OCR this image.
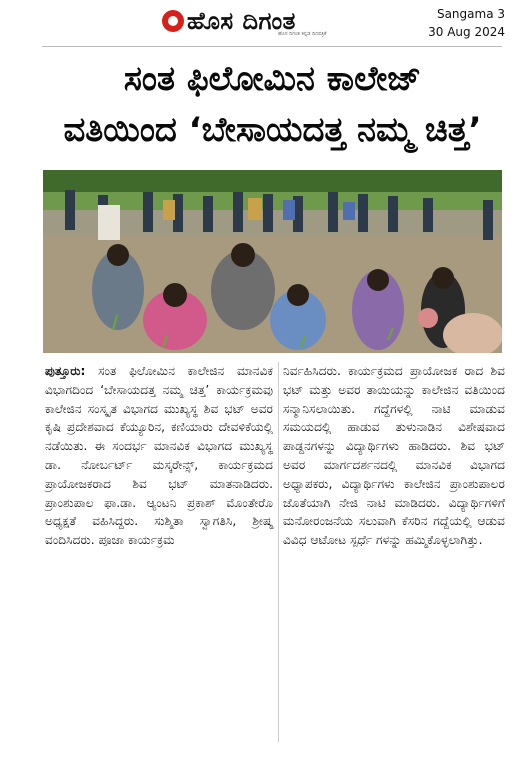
ಹೊಸ ದಿಗಂತ
ಹೊಸ ದಿಗಂತ ಕನ್ನಡ ದಿನಪತ್ರಿಕೆ
Sangama 3
30 Aug 2024
ಸಂತ ಫಿಲೋಮಿನ ಕಾಲೇಜ್
ವತಿಯಿಂದ ‘ಬೇಸಾಯದತ್ತ ನಮ್ಮ ಚಿತ್ತ’

ಪುತ್ತೂರು: ಸಂತ ಫಿಲೋಮಿನ ಕಾಲೇಜಿನ ಮಾನವಿಕ ವಿಭಾಗದಿಂದ ‘ಬೇಸಾಯದತ್ತ ನಮ್ಮ ಚಿತ್ತ’ ಕಾರ್ಯಕ್ರಮವು ಕಾಲೇಜಿನ ಸಂಸ್ಕೃತ ವಿಭಾಗದ ಮುಖ್ಯಸ್ಥ ಶಿವ ಭಟ್ ಅವರ ಕೃಷಿ ಪ್ರದೇಶವಾದ ಕೆಯ್ಯೂರಿನ, ಕಣಿಯಾರು ದೇವಳಿಕೆಯಲ್ಲಿ ನಡೆಯಿತು. ಈ ಸಂದರ್ಭ ಮಾನವಿಕ ವಿಭಾಗದ ಮುಖ್ಯಸ್ಥ ಡಾ. ನೋರ್ಬರ್ಟ್ ಮಸ್ಕರೇನ್ಸ್, ಕಾರ್ಯಕ್ರಮದ ಪ್ರಾಯೋಜಕರಾದ ಶಿವ ಭಟ್ ಮಾತನಾಡಿದರು. ಪ್ರಾಂಶುಪಾಲ ಫಾ.ಡಾ. ಆ್ಯಂಟನಿ ಪ್ರಕಾಶ್ ಮೊಂತೇರೊ ಅಧ್ಯಕ್ಷತೆ ವಹಿಸಿದ್ದರು. ಸುಶ್ಮಿತಾ ಸ್ವಾಗತಿಸಿ, ಶ್ರೀಷ್ಮ ವಂದಿಸಿದರು. ಪೂಜಾ ಕಾರ್ಯಕ್ರಮ

ನಿರ್ವಹಿಸಿದರು. ಕಾರ್ಯಕ್ರಮದ ಪ್ರಾಯೋಜಕ ರಾದ ಶಿವ ಭಟ್ ಮತ್ತು ಅವರ ತಾಯಿಯನ್ನು ಕಾಲೇಜಿನ ವತಿಯಿಂದ ಸನ್ಮಾನಿಸಲಾಯಿತು. ಗದ್ದೆಗಳಲ್ಲಿ ನಾಟಿ ಮಾಡುವ ಸಮಯದಲ್ಲಿ ಹಾಡುವ ತುಳುನಾಡಿನ ವಿಶೇಷವಾದ ಪಾಡ್ದನಗಳನ್ನು ವಿದ್ಯಾರ್ಥಿಗಳು ಹಾಡಿದರು. ಶಿವ ಭಟ್ ಅವರ ಮಾರ್ಗದರ್ಶನದಲ್ಲಿ ಮಾನವಿಕ ವಿಭಾಗದ ಅಧ್ಯಾಪಕರು, ವಿದ್ಯಾರ್ಥಿಗಳು ಕಾಲೇಜಿನ ಪ್ರಾಂಶುಪಾಲರ ಜೊತೆಯಾಗಿ ನೇಜಿ ನಾಟಿ ಮಾಡಿದರು. ವಿದ್ಯಾರ್ಥಿಗಳಿಗೆ ಮನೋರಂಜನೆಯ ಸಲುವಾಗಿ ಕೆಸರಿನ ಗದ್ದೆಯಲ್ಲಿ ಆಡುವ ವಿವಿಧ ಆಟೋಟ ಸ್ಪರ್ಧೆ ಗಳನ್ನು ಹಮ್ಮಿಕೊಳ್ಳಲಾಗಿತ್ತು.
